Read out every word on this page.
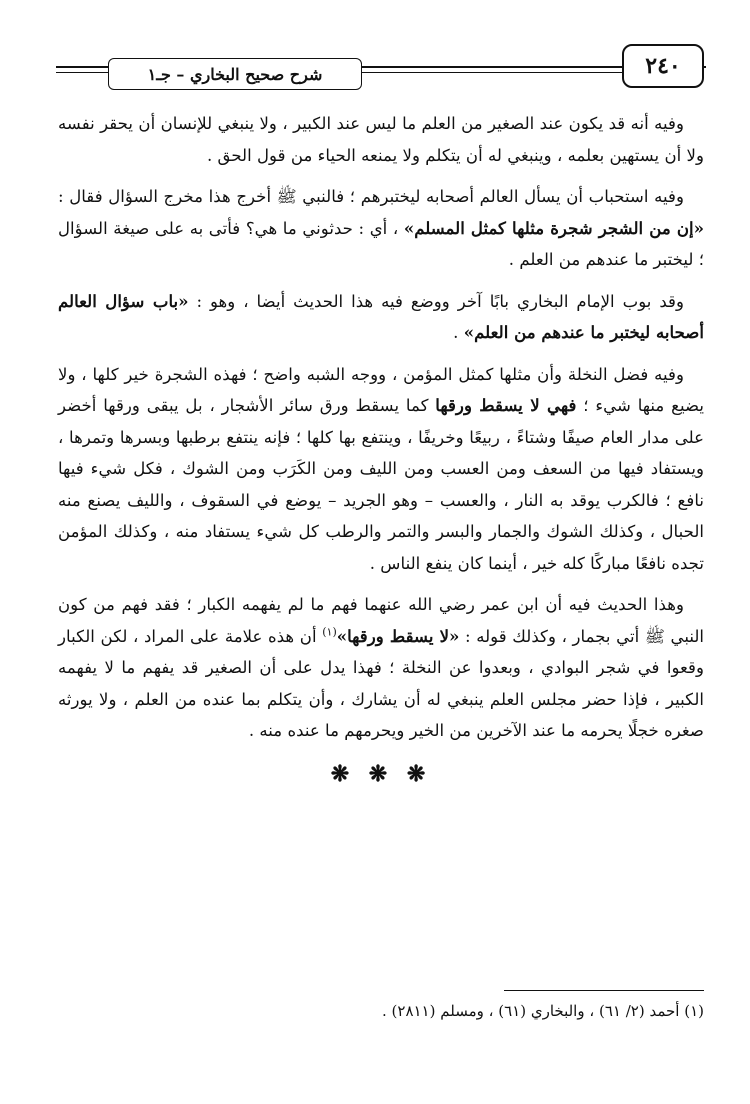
شرح صحيح البخاري – جـ١	٢٤٠

وفيه أنه قد يكون عند الصغير من العلم ما ليس عند الكبير ، ولا ينبغي للإنسان أن يحقر نفسه ولا أن يستهين بعلمه ، وينبغي له أن يتكلم ولا يمنعه الحياء من قول الحق .

وفيه استحباب أن يسأل العالم أصحابه ليختبرهم ؛ فالنبي ﷺ أخرج هذا مخرج السؤال فقال : «إن من الشجر شجرة مثلها كمثل المسلم» ، أي : حدثوني ما هي؟ فأتى به على صيغة السؤال ؛ ليختبر ما عندهم من العلم .

وقد بوب الإمام البخاري بابًا آخر ووضع فيه هذا الحديث أيضا ، وهو : «باب سؤال العالم أصحابه ليختبر ما عندهم من العلم» .

وفيه فضل النخلة وأن مثلها كمثل المؤمن ، ووجه الشبه واضح ؛ فهذه الشجرة خير كلها ، ولا يضيع منها شيء ؛ فهي لا يسقط ورقها كما يسقط ورق سائر الأشجار ، بل يبقى ورقها أخضر على مدار العام صيفًا وشتاءً ، ربيعًا وخريفًا ، وينتفع بها كلها ؛ فإنه ينتفع برطبها وبسرها وتمرها ، ويستفاد فيها من السعف ومن العسب ومن الليف ومن الكَرَب ومن الشوك ، فكل شيء فيها نافع ؛ فالكرب يوقد به النار ، والعسب – وهو الجريد – يوضع في السقوف ، والليف يصنع منه الحبال ، وكذلك الشوك والجمار والبسر والتمر والرطب كل شيء يستفاد منه ، وكذلك المؤمن تجده نافعًا مباركًا كله خير ، أينما كان ينفع الناس .

وهذا الحديث فيه أن ابن عمر رضي الله عنهما فهم ما لم يفهمه الكبار ؛ فقد فهم من كون النبي ﷺ أتي بجمار ، وكذلك قوله : «لا يسقط ورقها»$^{(١)}$ أن هذه علامة على المراد ، لكن الكبار وقعوا في شجر البوادي ، وبعدوا عن النخلة ؛ فهذا يدل على أن الصغير قد يفهم ما لا يفهمه الكبير ، فإذا حضر مجلس العلم ينبغي له أن يشارك ، وأن يتكلم بما عنده من العلم ، ولا يورثه صغره خجلًا يحرمه ما عند الآخرين من الخير ويحرمهم ما عنده منه .

❋ ❋ ❋
(١) أحمد (٢/ ٦١) ، والبخاري (٦١) ، ومسلم (٢٨١١) .
